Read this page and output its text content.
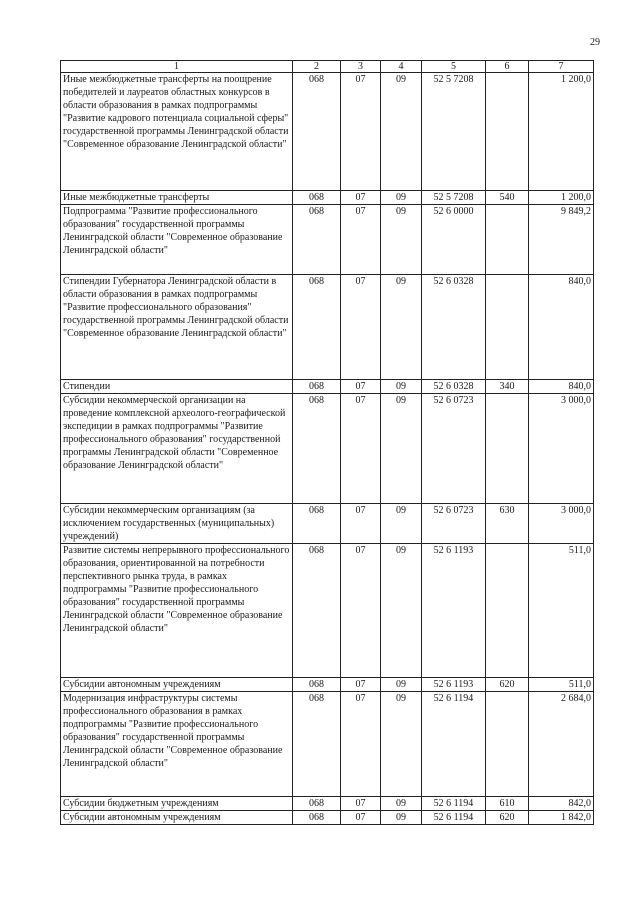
29
1	2	3	4	5	6	7
Иные межбюджетные трансферты на поощрение победителей и лауреатов областных конкурсов в области образования в рамках подпрограммы "Развитие кадрового потенциала социальной сферы" государственной программы Ленинградской области "Современное образование Ленинградской области"	068	07	09	52 5 7208		1 200,0
Иные межбюджетные трансферты	068	07	09	52 5 7208	540	1 200,0
Подпрограмма "Развитие профессионального образования" государственной программы Ленинградской области "Современное образование Ленинградской области"	068	07	09	52 6 0000		9 849,2
Стипендии Губернатора Ленинградской области в области образования в рамках подпрограммы "Развитие профессионального образования" государственной программы Ленинградской области "Современное образование Ленинградской области"	068	07	09	52 6 0328		840,0
Стипендии	068	07	09	52 6 0328	340	840,0
Субсидии некоммерческой организации на проведение комплексной археолого-географической экспедиции в рамках подпрограммы "Развитие профессионального образования" государственной программы Ленинградской области "Современное образование Ленинградской области"	068	07	09	52 6 0723		3 000,0
Субсидии некоммерческим организациям (за исключением государственных (муниципальных) учреждений)	068	07	09	52 6 0723	630	3 000,0
Развитие системы непрерывного профессионального образования, ориентированной на потребности перспективного рынка труда, в рамках подпрограммы "Развитие профессионального образования" государственной программы Ленинградской области "Современное образование Ленинградской области"	068	07	09	52 6 1193		511,0
Субсидии автономным учреждениям	068	07	09	52 6 1193	620	511,0
Модернизация инфраструктуры системы профессионального образования в рамках подпрограммы "Развитие профессионального образования" государственной программы Ленинградской области "Современное образование Ленинградской области"	068	07	09	52 6 1194		2 684,0
Субсидии бюджетным учреждениям	068	07	09	52 6 1194	610	842,0
Субсидии автономным учреждениям	068	07	09	52 6 1194	620	1 842,0
